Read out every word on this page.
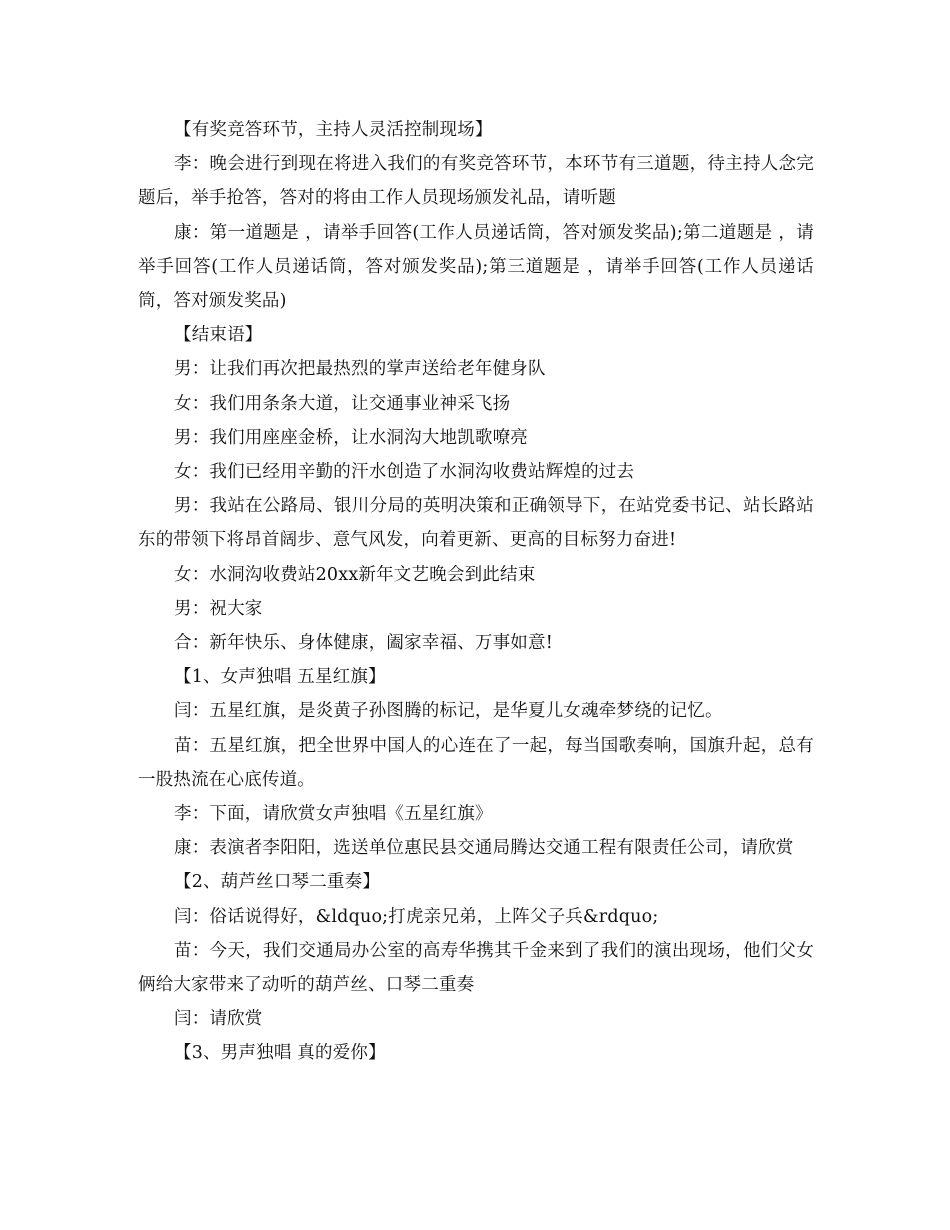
【有奖竞答环节，主持人灵活控制现场】

李：晚会进行到现在将进入我们的有奖竞答环节，本环节有三道题，待主持人念完题后，举手抢答，答对的将由工作人员现场颁发礼品，请听题

康：第一道题是 ，请举手回答(工作人员递话筒，答对颁发奖品);第二道题是 ，请举手回答(工作人员递话筒，答对颁发奖品);第三道题是 ，请举手回答(工作人员递话筒，答对颁发奖品)

【结束语】

男：让我们再次把最热烈的掌声送给老年健身队

女：我们用条条大道，让交通事业神采飞扬

男：我们用座座金桥，让水洞沟大地凯歌嘹亮

女：我们已经用辛勤的汗水创造了水洞沟收费站辉煌的过去

男：我站在公路局、银川分局的英明决策和正确领导下，在站党委书记、站长路站东的带领下将昂首阔步、意气风发，向着更新、更高的目标努力奋进!

女：水洞沟收费站20xx新年文艺晚会到此结束

男：祝大家

合：新年快乐、身体健康，阖家幸福、万事如意!

【1、女声独唱 五星红旗】

闫：五星红旗，是炎黄子孙图腾的标记，是华夏儿女魂牵梦绕的记忆。

苗：五星红旗，把全世界中国人的心连在了一起，每当国歌奏响，国旗升起，总有一股热流在心底传道。

李：下面，请欣赏女声独唱《五星红旗》

康：表演者李阳阳，选送单位惠民县交通局腾达交通工程有限责任公司，请欣赏

【2、葫芦丝口琴二重奏】

闫：俗话说得好，&ldquo;打虎亲兄弟，上阵父子兵&rdquo;

苗：今天，我们交通局办公室的高寿华携其千金来到了我们的演出现场，他们父女俩给大家带来了动听的葫芦丝、口琴二重奏

闫：请欣赏

【3、男声独唱 真的爱你】
